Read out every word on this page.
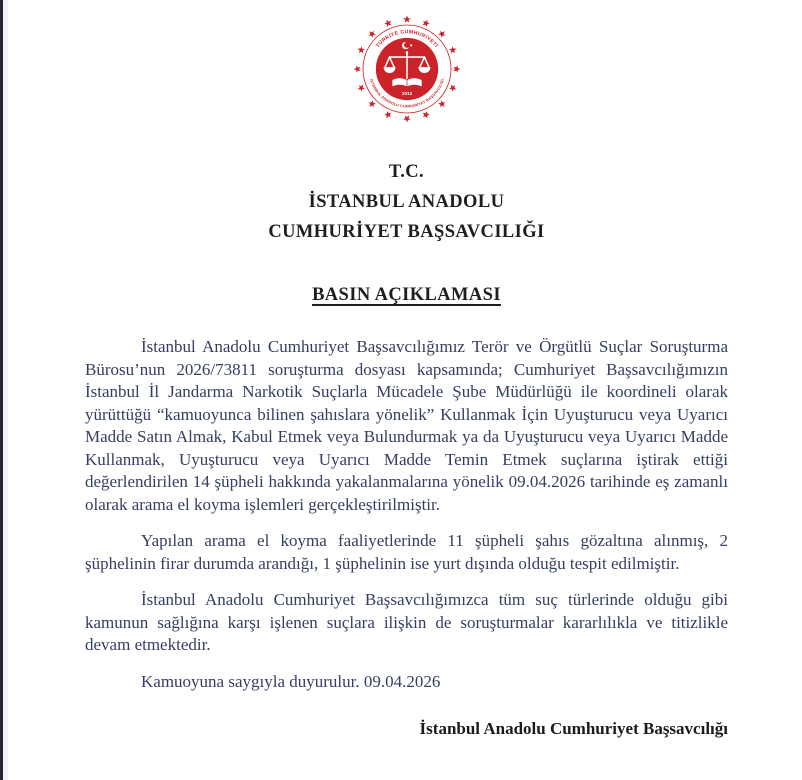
TÜRKİYE CUMHURİYETİ
İSTANBUL ANADOLU CUMHURİYET BAŞSAVCILIĞI
2013
T.C.
İSTANBUL ANADOLU
CUMHURİYET BAŞSAVCILIĞI
BASIN AÇIKLAMASI

İstanbul Anadolu Cumhuriyet Başsavcılığımız Terör ve Örgütlü Suçlar Soruşturma Bürosu’nun 2026/73811 soruşturma dosyası kapsamında; Cumhuriyet Başsavcılığımızın İstanbul İl Jandarma Narkotik Suçlarla Mücadele Şube Müdürlüğü ile koordineli olarak yürüttüğü “kamuoyunca bilinen şahıslara yönelik” Kullanmak İçin Uyuşturucu veya Uyarıcı Madde Satın Almak, Kabul Etmek veya Bulundurmak ya da Uyuşturucu veya Uyarıcı Madde Kullanmak, Uyuşturucu veya Uyarıcı Madde Temin Etmek suçlarına iştirak ettiği değerlendirilen 14 şüpheli hakkında yakalanmalarına yönelik 09.04.2026 tarihinde eş zamanlı olarak arama el koyma işlemleri gerçekleştirilmiştir.

Yapılan arama el koyma faaliyetlerinde 11 şüpheli şahıs gözaltına alınmış, 2 şüphelinin firar durumda arandığı, 1 şüphelinin ise yurt dışında olduğu tespit edilmiştir.

İstanbul Anadolu Cumhuriyet Başsavcılığımızca tüm suç türlerinde olduğu gibi kamunun sağlığına karşı işlenen suçlara ilişkin de soruşturmalar kararlılıkla ve titizlikle devam etmektedir.

Kamuoyuna saygıyla duyurulur. 09.04.2026

İstanbul Anadolu Cumhuriyet Başsavcılığı
